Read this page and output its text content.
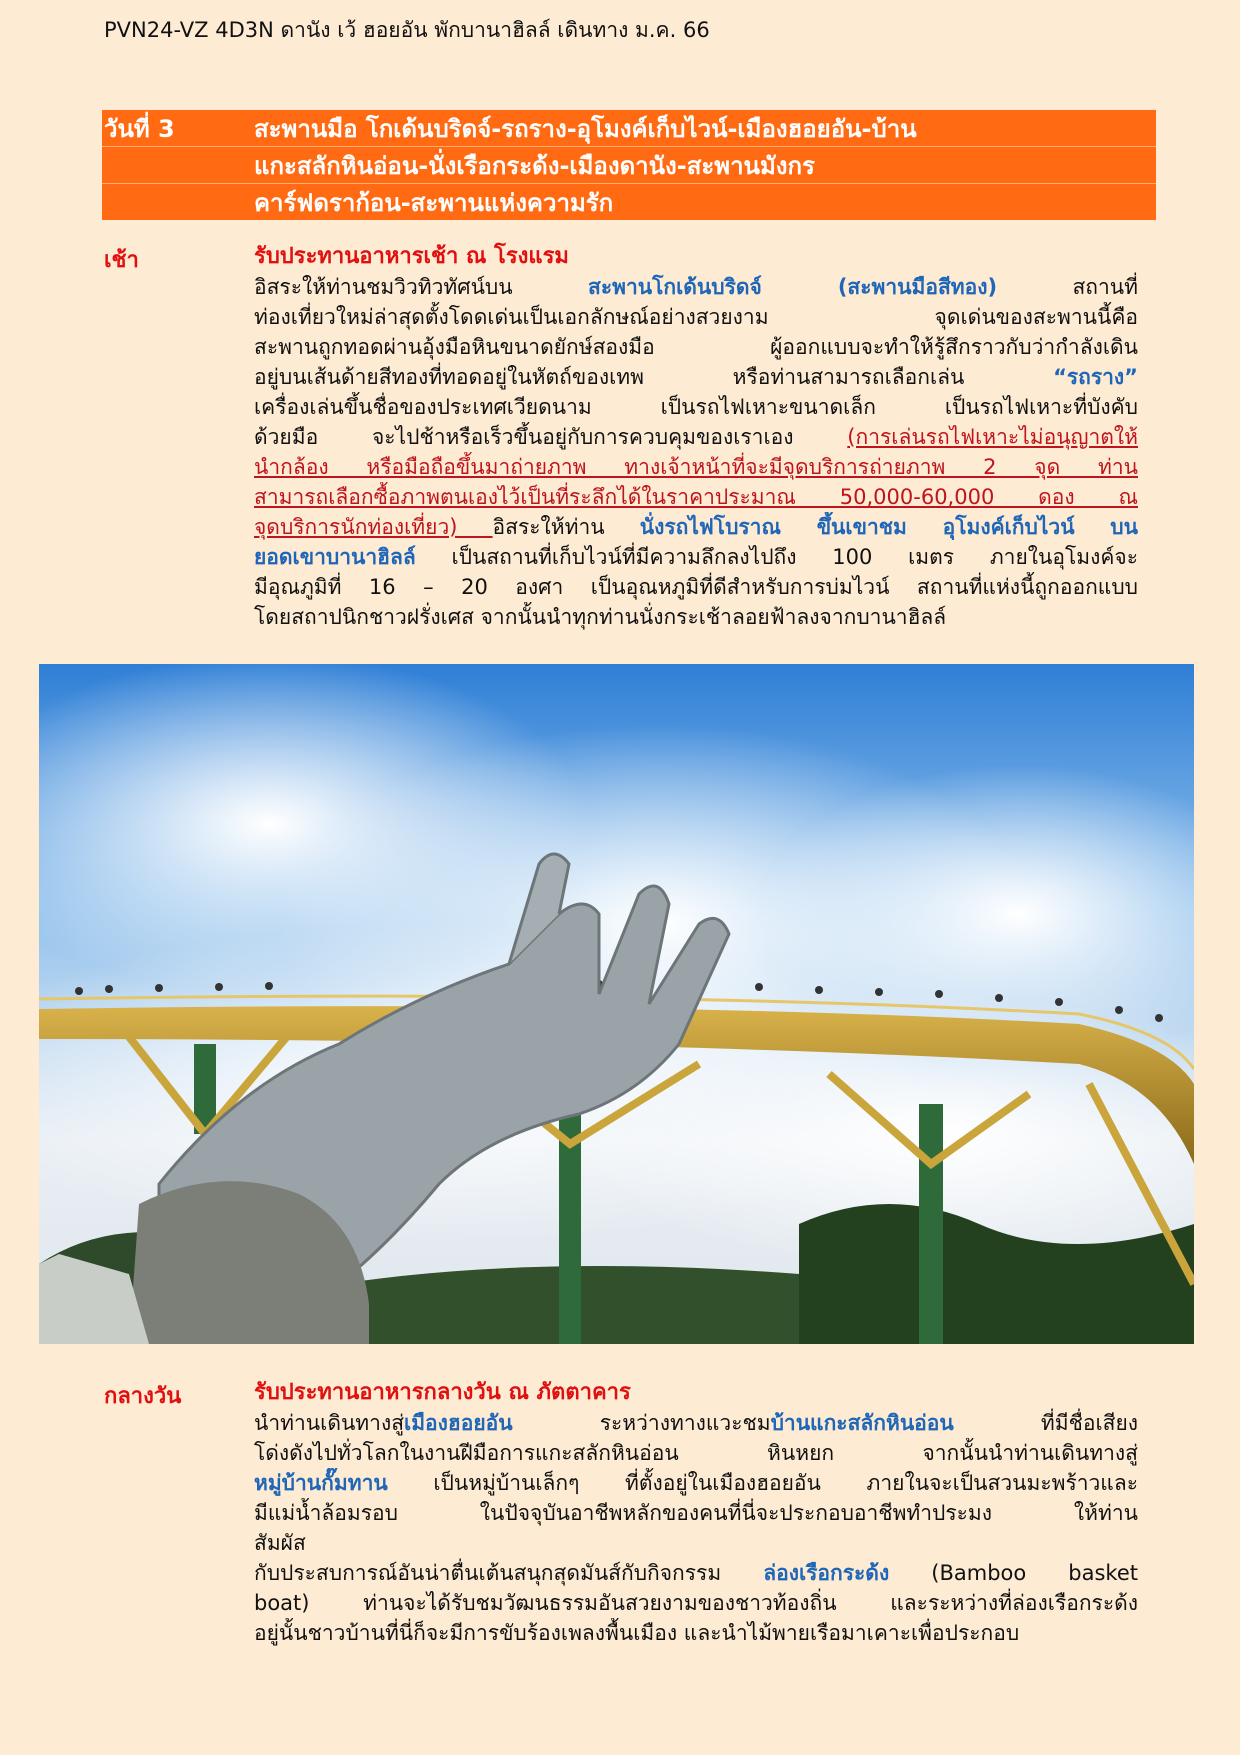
PVN24-VZ 4D3N ดานัง เว้ ฮอยอัน พักบานาฮิลล์ เดินทาง ม.ค. 66
วันที่ 3	สะพานมือ โกเด้นบริดจ์-รถราง-อุโมงค์เก็บไวน์-เมืองฮอยอัน-บ้าน
แกะสลักหินอ่อน-นั่งเรือกระด้ง-เมืองดานัง-สะพานมังกร
คาร์ฟดราก้อน-สะพานแห่งความรัก
เช้า	รับประทานอาหารเช้า ณ โรงแรม
อิสระให้ท่านชมวิวทิวทัศน์บน สะพานโกเด้นบริดจ์ (สะพานมือสีทอง) สถานที่
ท่องเที่ยวใหม่ล่าสุดตั้งโดดเด่นเป็นเอกลักษณ์อย่างสวยงาม จุดเด่นของสะพานนี้คือ
สะพานถูกทอดผ่านอุ้งมือหินขนาดยักษ์สองมือ ผู้ออกแบบจะทำให้รู้สึกราวกับว่ากำลังเดิน
อยู่บนเส้นด้ายสีทองที่ทอดอยู่ในหัตถ์ของเทพ หรือท่านสามารถเลือกเล่น “รถราง”
เครื่องเล่นขึ้นชื่อของประเทศเวียดนาม เป็นรถไฟเหาะขนาดเล็ก เป็นรถไฟเหาะที่บังคับ
ด้วยมือ จะไปช้าหรือเร็วขึ้นอยู่กับการควบคุมของเราเอง (การเล่นรถไฟเหาะไม่อนุญาตให้
นำกล้อง หรือมือถือขึ้นมาถ่ายภาพ ทางเจ้าหน้าที่จะมีจุดบริการถ่ายภาพ 2 จุด ท่าน
สามารถเลือกซื้อภาพตนเองไว้เป็นที่ระลึกได้ในราคาประมาณ 50,000-60,000 ดอง ณ
จุดบริการนักท่องเที่ยว) อิสระให้ท่าน นั่งรถไฟโบราณ ขึ้นเขาชม อุโมงค์เก็บไวน์ บน
ยอดเขาบานาฮิลล์ เป็นสถานที่เก็บไวน์ที่มีความลึกลงไปถึง 100 เมตร ภายในอุโมงค์จะ
มีอุณภูมิที่ 16 – 20 องศา เป็นอุณหภูมิที่ดีสำหรับการบ่มไวน์ สถานที่แห่งนี้ถูกออกแบบ
โดยสถาปนิกชาวฝรั่งเศส จากนั้นนำทุกท่านนั่งกระเช้าลอยฟ้าลงจากบานาฮิลล์
กลางวัน	รับประทานอาหารกลางวัน ณ ภัตตาคาร
นำท่านเดินทางสู่เมืองฮอยอัน ระหว่างทางแวะชมบ้านแกะสลักหินอ่อน ที่มีชื่อเสียง
โด่งดังไปทั่วโลกในงานฝีมือการแกะสลักหินอ่อน หินหยก จากนั้นนำท่านเดินทางสู่
หมู่บ้านกั๊มทาน เป็นหมู่บ้านเล็กๆ ที่ตั้งอยู่ในเมืองฮอยอัน ภายในจะเป็นสวนมะพร้าวและ
มีแม่น้ำล้อมรอบ ในปัจจุบันอาชีพหลักของคนที่นี่จะประกอบอาชีพทำประมง ให้ท่าน
สัมผัส
กับประสบการณ์อันน่าตื่นเต้นสนุกสุดมันส์กับกิจกรรม ล่องเรือกระด้ง (Bamboo basket
boat) ท่านจะได้รับชมวัฒนธรรมอันสวยงามของชาวท้องถิ่น และระหว่างที่ล่องเรือกระด้ง
อยู่นั้นชาวบ้านที่นี่ก็จะมีการขับร้องเพลงพื้นเมือง และนำไม้พายเรือมาเคาะเพื่อประกอบ
